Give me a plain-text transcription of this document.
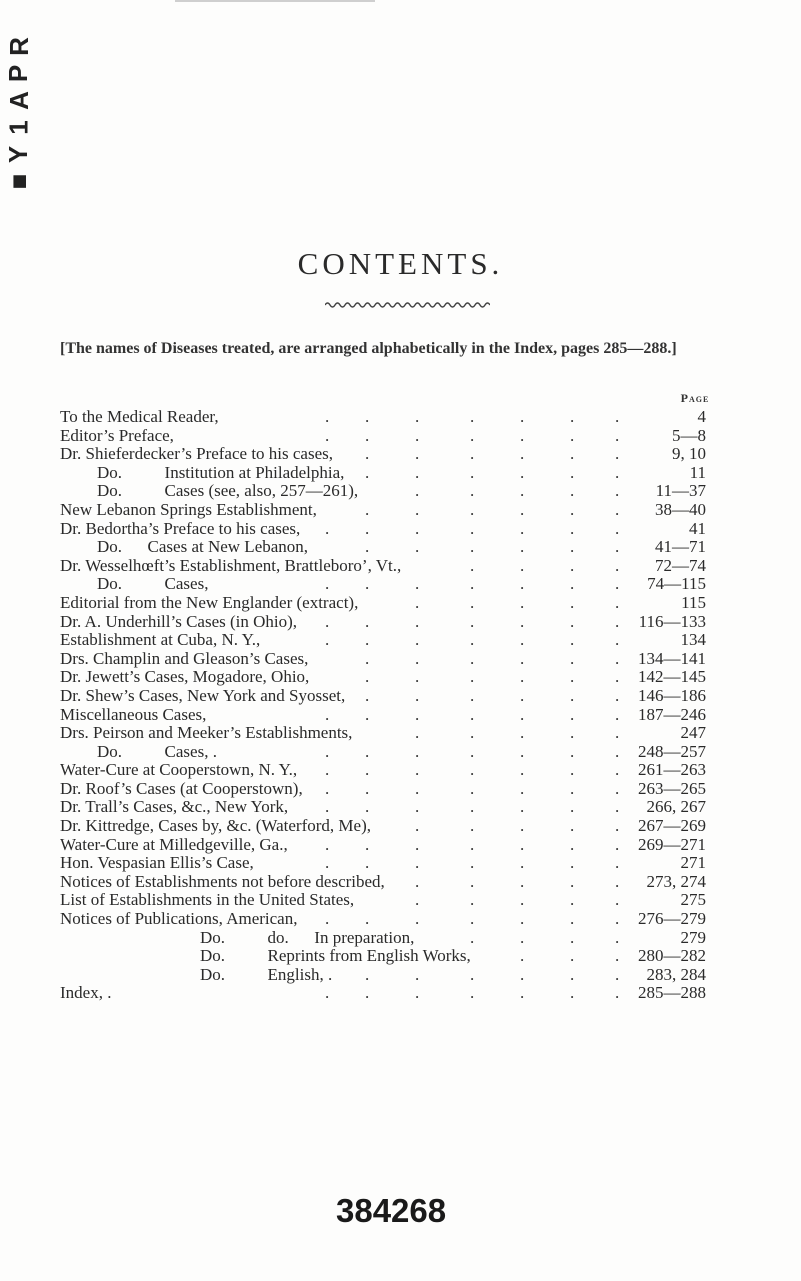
R
P
A
1
Y
■
CONTENTS.
[The names of Diseases treated, are arranged alphabetically in the Index, pages 285—288.]
Page
To the Medical Reader,	4
. .	.	.	.	. .
Editor’s Preface,	5—8
. .	.	.	.	. .
Dr. Shieferdecker’s Preface to his cases,	9, 10
.	.	.	.	. .
Do.   Institution at Philadelphia,	11
.	.	.	.	. .
Do.   Cases (see, also, 257—261),	11—37
.	.	.	. .
New Lebanon Springs Establishment,	38—40
.	.	.	.	. .
Dr. Bedortha’s Preface to his cases,	41
. .	.	.	.	. .
Do.  Cases at New Lebanon,	41—71
.	.	.	.	. .
Dr. Wesselhœft’s Establishment, Brattleboro’, Vt.,	72—74
.	.	. .
Do.   Cases,	74—115
. .	.	.	.	. .
Editorial from the New Englander (extract),	115
.	.	.	. .
Dr. A. Underhill’s Cases (in Ohio),	116—133
. .	.	.	.	. .
Establishment at Cuba, N. Y.,	134
. .	.	.	.	. .
Drs. Champlin and Gleason’s Cases,	134—141
.	.	.	.	. .
Dr. Jewett’s Cases, Mogadore, Ohio,	142—145
.	.	.	.	. .
Dr. Shew’s Cases, New York and Syosset,	146—186
.	.	.	.	. .
Miscellaneous Cases,	187—246
. .	.	.	.	. .
Drs. Peirson and Meeker’s Establishments,	247
.	.	.	. .
Do.   Cases, .	248—257
. .	.	.	.	. .
Water-Cure at Cooperstown, N. Y.,	261—263
. .	.	.	.	. .
Dr. Roof’s Cases (at Cooperstown),	263—265
. .	.	.	.	. .
Dr. Trall’s Cases, &c., New York,	266, 267
. .	.	.	.	. .
Dr. Kittredge, Cases by, &c. (Waterford, Me),	267—269
.	.	.	. .
Water-Cure at Milledgeville, Ga.,	269—271
. .	.	.	.	. .
Hon. Vespasian Ellis’s Case,	271
. .	.	.	.	. .
Notices of Establishments not before described,	273, 274
.	.	.	. .
List of Establishments in the United States,	275
.	.	.	. .
Notices of Publications, American,	276—279
. .	.	.	.	. .
Do.   do.  In preparation,	279
.	.	. .
Do.   Reprints from English Works,	280—282
.	. .
Do.   English, .	283, 284
.	.	.	.	. .
Index, .	285—288
. .	.	.	.	. .
384268
